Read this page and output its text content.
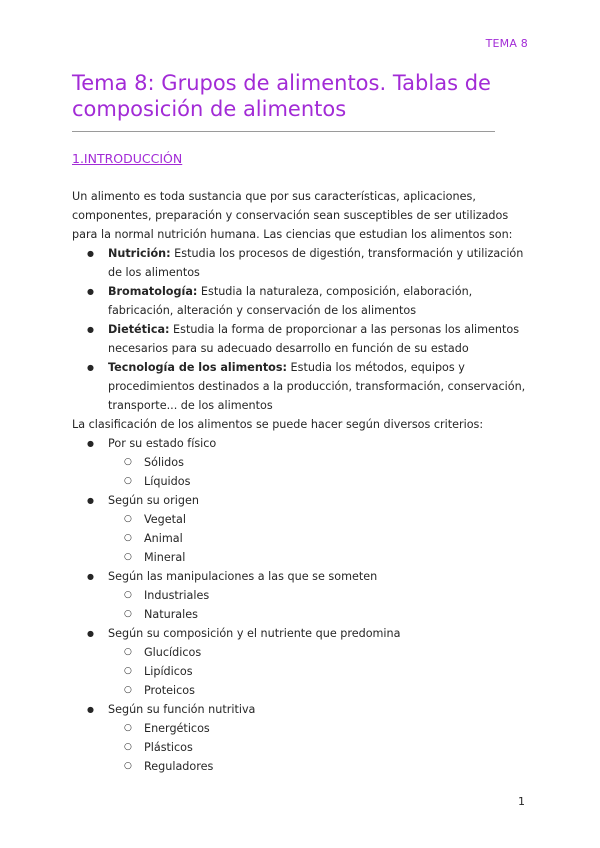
TEMA 8
Tema 8: Grupos de alimentos. Tablas de composición de alimentos
1.INTRODUCCIÓN

Un alimento es toda sustancia que por sus características, aplicaciones, componentes, preparación y conservación sean susceptibles de ser utilizados para la normal nutrición humana. Las ciencias que estudian los alimentos son:

● Nutrición: Estudia los procesos de digestión, transformación y utilización de los alimentos
● Bromatología: Estudia la naturaleza, composición, elaboración, fabricación, alteración y conservación de los alimentos
● Dietética: Estudia la forma de proporcionar a las personas los alimentos necesarios para su adecuado desarrollo en función de su estado
● Tecnología de los alimentos: Estudia los métodos, equipos y procedimientos destinados a la producción, transformación, conservación, transporte... de los alimentos

La clasificación de los alimentos se puede hacer según diversos criterios:

● Por su estado físico
○ Sólidos
○ Líquidos
● Según su origen
○ Vegetal
○ Animal
○ Mineral
● Según las manipulaciones a las que se someten
○ Industriales
○ Naturales
● Según su composición y el nutriente que predomina
○ Glucídicos
○ Lipídicos
○ Proteicos
● Según su función nutritiva
○ Energéticos
○ Plásticos
○ Reguladores
1
